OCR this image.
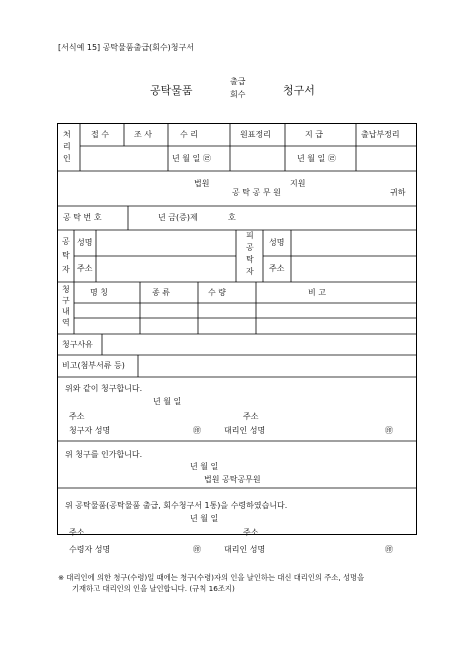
[서식예 15] 공탁물품출급(회수)청구서
공탁물품
출급
회수	청구서
처
리
인
접 수	조 사	수 리	원표정리	지 급	출납부정리
년 월 일 ㉣	년 월 일 ㉣
법원	지원
공 탁 공 무 원	귀하
공 탁 번 호	년 금(증)제	호
공
탁
자
성명
주소
피
공
탁
자
성명
주소
청
구
내
역
명 칭	종 류	수 량	비 고
청구사유
비고(첨부서류 등)
위와 같이 청구합니다.
년 월 일
주소	주소
청구자 성명	㊞	대리인 성명	㊞
위 청구를 인가합니다.
년 월 일
법원 공탁공무원
위 공탁물품(공탁물품 출급, 회수청구서 1통)을 수령하였습니다.
년 월 일
주소	주소
수령자 성명	㊞	대리인 성명	㊞
※ 대리인에 의한 청구(수령)일 때에는 청구(수령)자의 인을 날인하는 대신 대리인의 주소, 성명을
기재하고 대리인의 인을 날인합니다. (규칙 16조지)
